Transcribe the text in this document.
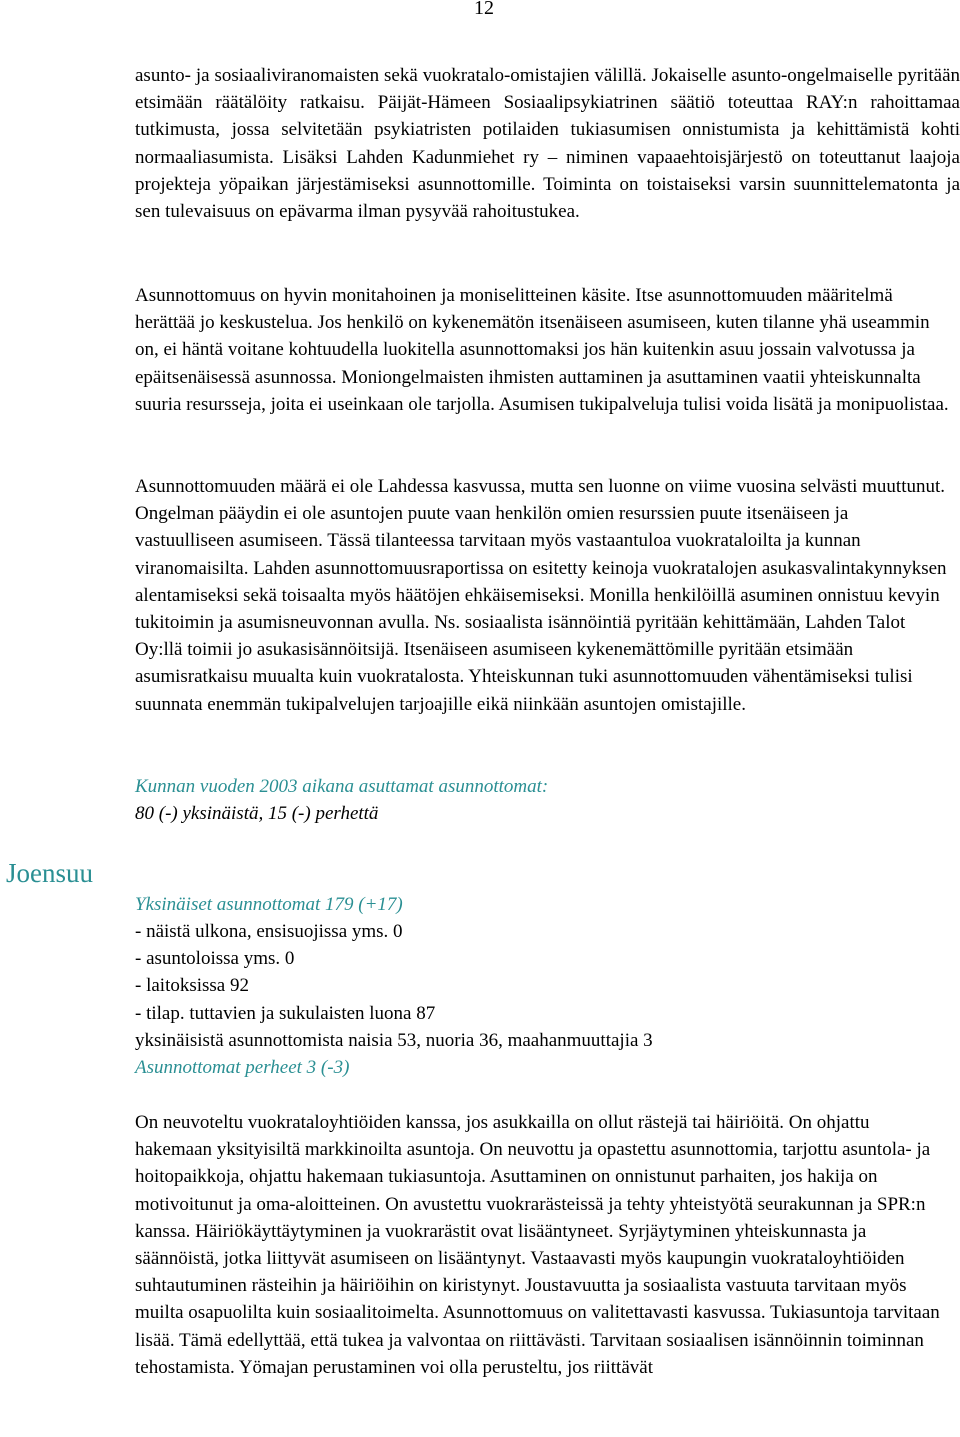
12

asunto- ja sosiaaliviranomaisten sekä vuokratalo-omistajien välillä. Jokaiselle asunto-ongelmaiselle pyritään etsimään räätälöity ratkaisu. Päijät-Hämeen Sosiaalipsykiatrinen säätiö toteuttaa RAY:n rahoittamaa tutkimusta, jossa selvitetään psykiatristen potilaiden tukiasumisen onnistumista ja kehittämistä kohti normaaliasumista. Lisäksi Lahden Kadunmiehet ry – niminen vapaaehtoisjärjestö on toteuttanut laajoja projekteja yöpaikan järjestämiseksi asunnottomille. Toiminta on toistaiseksi varsin suunnittelematonta ja sen tulevaisuus on epävarma ilman pysyvää rahoitustukea.

Asunnottomuus on hyvin monitahoinen ja moniselitteinen käsite. Itse asunnottomuuden määritelmä herättää jo keskustelua. Jos henkilö on kykenemätön itsenäiseen asumiseen, kuten tilanne yhä useammin on, ei häntä voitane kohtuudella luokitella asunnottomaksi jos hän kuitenkin asuu jossain valvotussa ja epäitsenäisessä asunnossa. Moniongelmaisten ihmisten auttaminen ja asuttaminen vaatii yhteiskunnalta suuria resursseja, joita ei useinkaan ole tarjolla. Asumisen tukipalveluja tulisi voida lisätä ja monipuolistaa.

Asunnottomuuden määrä ei ole Lahdessa kasvussa, mutta sen luonne on viime vuosina selvästi muuttunut. Ongelman pääydin ei ole asuntojen puute vaan henkilön omien resurssien puute itsenäiseen ja vastuulliseen asumiseen. Tässä tilanteessa tarvitaan myös vastaantuloa vuokrataloilta ja kunnan viranomaisilta. Lahden asunnottomuusraportissa on esitetty keinoja vuokratalojen asukasvalintakynnyksen alentamiseksi sekä toisaalta myös häätöjen ehkäisemiseksi. Monilla henkilöillä asuminen onnistuu kevyin tukitoimin ja asumisneuvonnan avulla. Ns. sosiaalista isännöintiä pyritään kehittämään, Lahden Talot Oy:llä toimii jo asukasisännöitsijä. Itsenäiseen asumiseen kykenemättömille pyritään etsimään asumisratkaisu muualta kuin vuokratalosta. Yhteiskunnan tuki asunnottomuuden vähentämiseksi tulisi suunnata enemmän tukipalvelujen tarjoajille eikä niinkään asuntojen omistajille.

Kunnan vuoden 2003 aikana asuttamat asunnottomat:
80 (-) yksinäistä, 15 (-) perhettä
Joensuu
Yksinäiset asunnottomat 179 (+17)
- näistä ulkona, ensisuojissa yms. 0
- asuntoloissa yms. 0
- laitoksissa 92
- tilap. tuttavien ja sukulaisten luona 87
yksinäisistä asunnottomista naisia 53, nuoria 36, maahanmuuttajia 3
Asunnottomat perheet 3 (-3)

On neuvoteltu vuokrataloyhtiöiden kanssa, jos asukkailla on ollut rästejä tai häiriöitä. On ohjattu hakemaan yksityisiltä markkinoilta asuntoja. On neuvottu ja opastettu asunnottomia, tarjottu asuntola- ja hoitopaikkoja, ohjattu hakemaan tukiasuntoja. Asuttaminen on onnistunut parhaiten, jos hakija on motivoitunut ja oma-aloitteinen. On avustettu vuokrarästeissä ja tehty yhteistyötä seurakunnan ja SPR:n kanssa. Häiriökäyttäytyminen ja vuokrarästit ovat lisääntyneet. Syrjäytyminen yhteiskunnasta ja säännöistä, jotka liittyvät asumiseen on lisääntynyt. Vastaavasti myös kaupungin vuokrataloyhtiöiden suhtautuminen rästeihin ja häiriöihin on kiristynyt. Joustavuutta ja sosiaalista vastuuta tarvitaan myös muilta osapuolilta kuin sosiaalitoimelta. Asunnottomuus on valitettavasti kasvussa. Tukiasuntoja tarvitaan lisää. Tämä edellyttää, että tukea ja valvontaa on riittävästi. Tarvitaan sosiaalisen isännöinnin toiminnan tehostamista. Yömajan perustaminen voi olla perusteltu, jos riittävät
